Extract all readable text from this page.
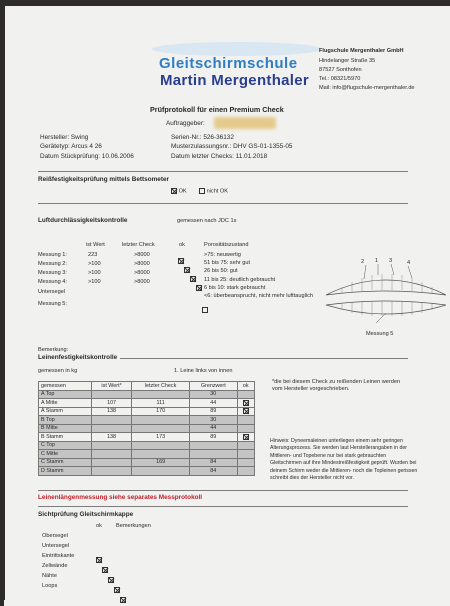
Gleitschirmschule
Martin Mergenthaler
Flugschule Mergenthaler GmbH
Hindelanger Straße 35
87527 Sonthofen
Tel.: 08321/5970
Mail: info@flugschule-mergenthaler.de
Prüfprotokoll für einen Premium Check
Auftraggeber:
Hersteller: Swing
Gerätetyp: Arcus 4 26
Datum Stückprüfung: 10.06.2006
Serien-Nr.: 526-36132
Musterzulassungsnr.: DHV GS-01-1355-05
Datum letzter Checks: 11.01.2018
Reißfestigkeitsprüfung mittels Bettsometer
OK	nicht OK
Luftdurchlässigkeitskontrolle	gemessen nach JDC 1s
ist Wert	letzter Check	ok	Porositätszustand
Messung 1:	223	>8000
Messung 2:	>100	>8000
Messung 3:	>100	>8000
Messung 4:	>100	>8000
Untersegel
Messung 5:
>75: neuwertig
51 bis 75: sehr gut
26 bis 50: gut
11 bis 25: deutlich gebraucht
6 bis 10: stark gebraucht
<6: überbeansprucht, nicht mehr lufttauglich
2 1 3	4
Messung 5
Bemerkung:
Leinenfestigkeitskontrolle
gemessen in kg	1. Leine links von innen
gemessen	ist Wert*	letzter Check	Grenzwert	ok
A Top			30	
A Mitte	107	111	44	
A Stamm	138	170	89	
B Top			30	
B Mitte			44	
B Stamm	138	173	89	
C Top				
C Mitte				
C Stamm		169	84	
D Stamm			84	
*die bei diesem Check zu reißenden Leinen werden vom Hersteller vorgeschrieben.
Hinweis: Dyneemaleinen unterliegen einem sehr geringen Alterungsprozess. Sie werden laut Herstellerangaben in der Mittleren- und Topebene nur bei stark gebrauchten Gleitschirmen auf ihre Mindestreißfestigkeit geprüft. Wurden bei deinem Schirm weder die Mittleren- noch die Topleinen gerissen schreibt dies der Hersteller nicht vor.
Leinenlängenmessung siehe separates Messprotokoll
Sichtprüfung Gleitschirmkappe
ok	Bemerkungen
Obersegel
Untersegel
Eintrittskante
Zellwände
Nähte
Loops
